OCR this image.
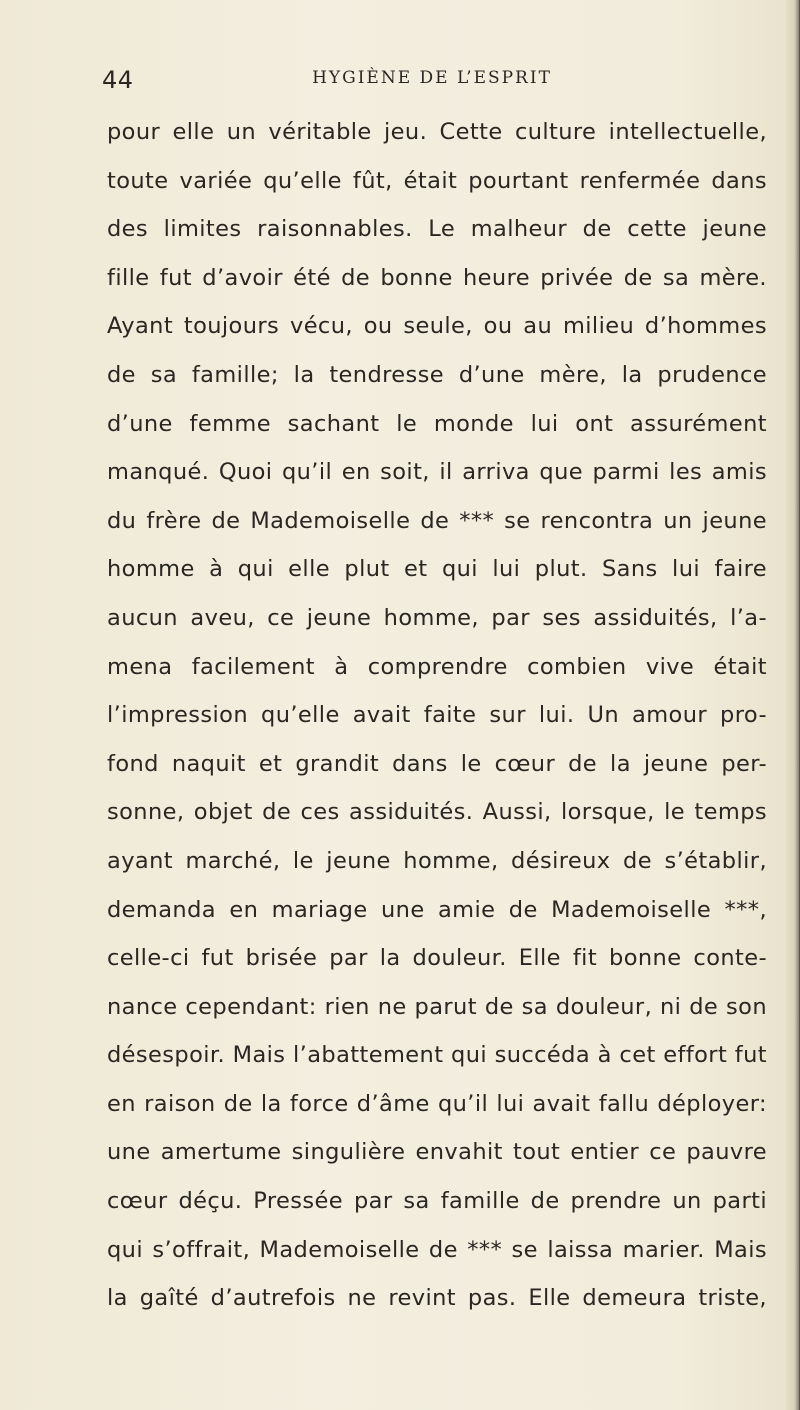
44	HYGIÈNE DE L’ESPRIT
pour elle un véritable jeu. Cette culture intellectuelle,
toute variée qu’elle fût, était pourtant renfermée dans
des limites raisonnables. Le malheur de cette jeune
fille fut d’avoir été de bonne heure privée de sa mère.
Ayant toujours vécu, ou seule, ou au milieu d’hommes
de sa famille; la tendresse d’une mère, la prudence
d’une femme sachant le monde lui ont assurément
manqué. Quoi qu’il en soit, il arriva que parmi les amis
du frère de Mademoiselle de *** se rencontra un jeune
homme à qui elle plut et qui lui plut. Sans lui faire
aucun aveu, ce jeune homme, par ses assiduités, l’a-
mena facilement à comprendre combien vive était
l’impression qu’elle avait faite sur lui. Un amour pro-
fond naquit et grandit dans le cœur de la jeune per-
sonne, objet de ces assiduités. Aussi, lorsque, le temps
ayant marché, le jeune homme, désireux de s’établir,
demanda en mariage une amie de Mademoiselle ***,
celle-ci fut brisée par la douleur. Elle fit bonne conte-
nance cependant: rien ne parut de sa douleur, ni de son
désespoir. Mais l’abattement qui succéda à cet effort fut
en raison de la force d’âme qu’il lui avait fallu déployer:
une amertume singulière envahit tout entier ce pauvre
cœur déçu. Pressée par sa famille de prendre un parti
qui s’offrait, Mademoiselle de *** se laissa marier. Mais
la gaîté d’autrefois ne revint pas. Elle demeura triste,
